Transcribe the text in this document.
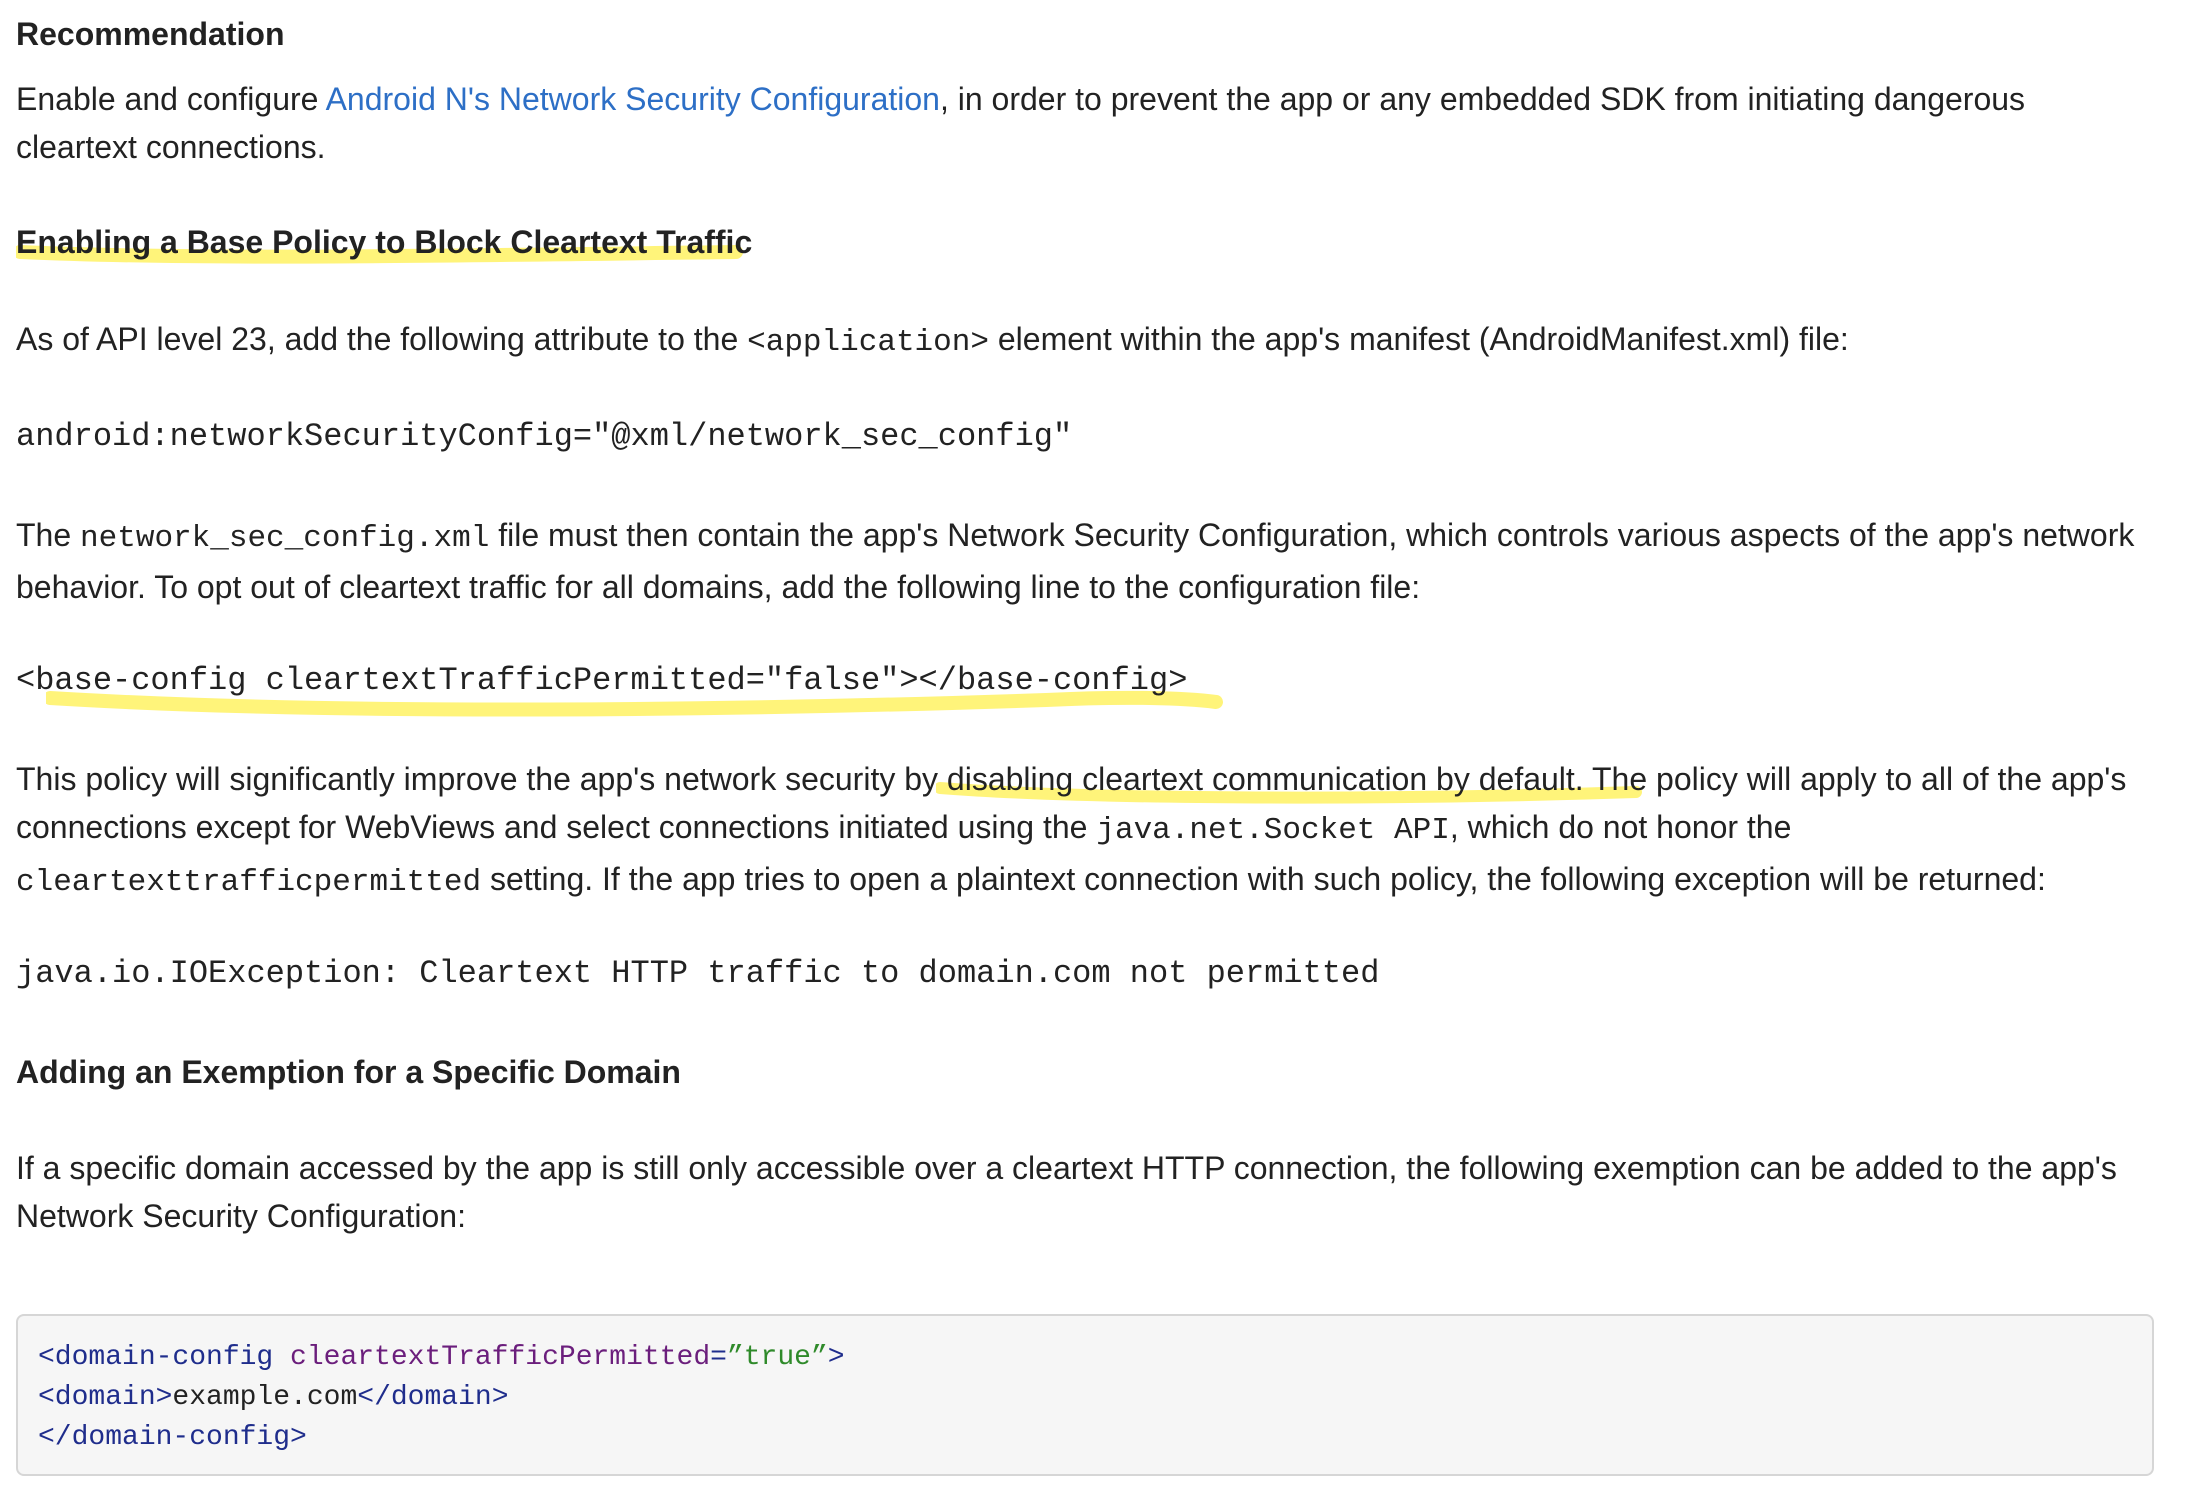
Recommendation

Enable and configure Android N's Network Security Configuration, in order to prevent the app or any embedded SDK from initiating dangerous cleartext connections.

Enabling a Base Policy to Block Cleartext Traffic

As of API level 23, add the following attribute to the <application> element within the app's manifest (AndroidManifest.xml) file:

android:networkSecurityConfig="@xml/network_sec_config"

The network_sec_config.xml file must then contain the app's Network Security Configuration, which controls various aspects of the app's network behavior. To opt out of cleartext traffic for all domains, add the following line to the configuration file:

<base-config cleartextTrafficPermitted="false"></base-config>

This policy will significantly improve the app's network security by disabling cleartext communication by default. The policy will apply to all of the app's connections except for WebViews and select connections initiated using the java.net.Socket API, which do not honor the cleartexttrafficpermitted setting. If the app tries to open a plaintext connection with such policy, the following exception will be returned:

java.io.IOException: Cleartext HTTP traffic to domain.com not permitted
Adding an Exemption for a Specific Domain

If a specific domain accessed by the app is still only accessible over a cleartext HTTP connection, the following exemption can be added to the app's Network Security Configuration:

<domain-config cleartextTrafficPermitted=”true”>
<domain>example.com</domain>
</domain-config>
